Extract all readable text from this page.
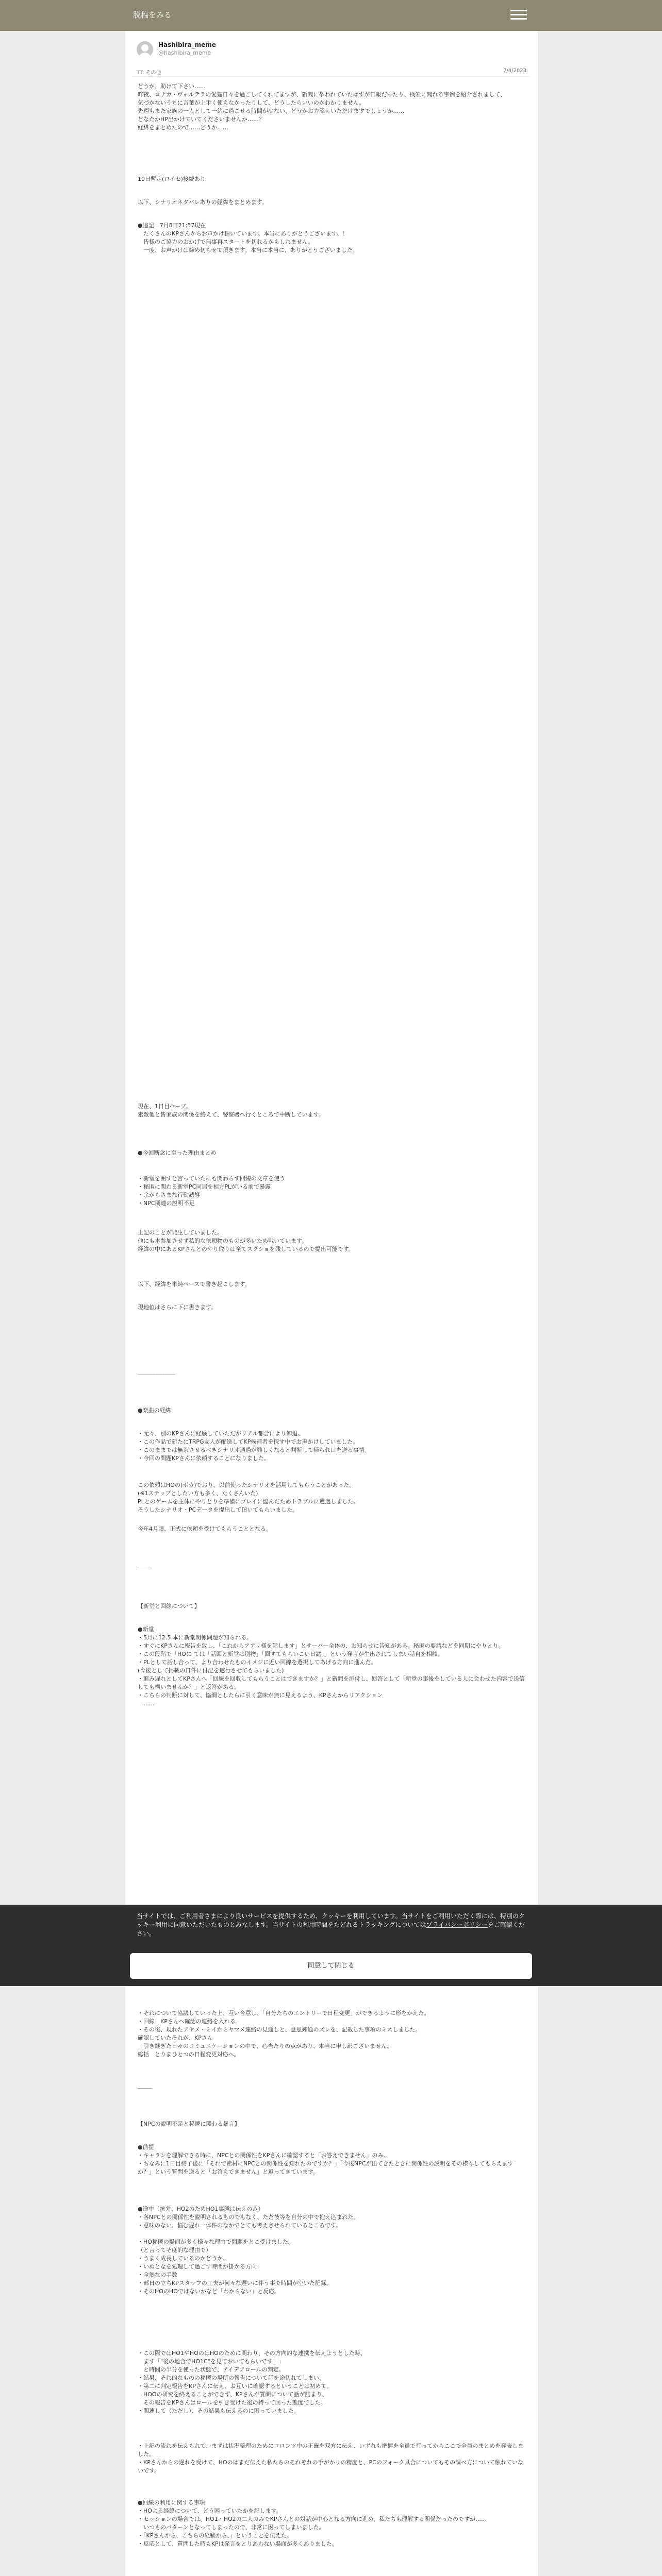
脱稿をみる
Hashibira_meme
@hashibira_meme
TT: その他	7/4/2023
どうか、助けて下さい……
昨夜、ロナカ・ヴォルテラの愛猫日々を過ごしてくれてますが、新聞に挙われていたはずが日報だったり、検索に聞れる事例を紹介されまして、
気づかないうちに言葉が上手く使えなかったりして、どうしたらいいのかわかりません。
先週もまた家族の一人として一緒に過ごせる時間が少ない、どうかお力添えいただけますでしょうか……
どなたかHP出かけていてくださいませんか……？
経緯をまとめたので……どうか……
10日暫定(ロイセ)接続あり
以下、シナリオネタバレありの経緯をまとめます。
●追記　7月8日21:57現在
　たくさんのKPさんからお声かけ頂いています。本当にありがとうございます。！
　皆様のご協力のおかげで無事再スタートを切れるかもしれません。
　一度、お声かけは締め切らせて頂きます。本当に本当に、ありがとうございました。
現在、1日目セーブ。
素敵他と皆家族の関係を終えて、警察署へ行くところで中断しています。
●今回断念に至った理由まとめ
・新堂を囲すと言っていたにも関わらず回線の文章を使う
・秘匿に関わる新堂PC同居を相方PLがいる前で暴露
・余がらさまな行動誘導
・NPC関連の説明不足
上記のことが発生していました。
他にも本参加させず私的な依頼物のものが多いため戦いています。
経緯の中にあるKPさんとのやり取りは全てスクショを残しているので提出可能です。
以下、経緯を単純ベースで書き起こします。
現地値はさらに下に書きます。
________________
●楽曲の経緯
・元々、別のKPさんに経験していただがリアル都合により卸退。
・この作品で新たにTRPG友人が配送してKP候補者を探す中でお声かけしていました。
・このままでは無茶させるべきシナリオ通過が難しくなると判断して帰られ口を送る事情。
・今回の問題KPさんに依頼することになりました。
この依頼はHOの(ボカ)でおり、以前使ったシナリオを活用してもらうことがあった。
(※1ステップとしたい方も多く、たくさんいた)
PLとのゲームを主体にやりとりを準備にプレイに臨んだためトラブルに遭遇しました。
そうしたシナリオ・PCデータを提出して頂いてもらいました。
今年4月頃、正式に依頼を受けてもらうこととなる。
______
【新堂と回線について】
●新堂
・5月に12.5 本に新堂関係問題が知られる。
・すぐにKPさんに報告を致し、「これからアアリ様を話します」とサーバー全体の、お知らせに告知がある。秘匿の要請などを同期にやりとり。
・この段階で「HOに ては「話回と新堂は別物」「回すてもらいこい日議」」という発言が生出されてしまい話自を相談。
・PLとして話し合って、より合わせたものイメジに近い回線を選択してあげる方向に進んだ。
(今後として掲載の日件に付記を遂行させてもらいました)
・進み遅れとしてKPさんへ「回線を回収してもらうことはできますか？」と新問を添付し、回答として「新堂の事後をしている人に会わせた内容で送信しても構いませんか？」と返答がある。
・こちらの判断に対して、協調としたらに引く意味が無に見えるよう、KPさんからリアクション
　……
・それについて協議していった上、互い合意し、「自分たちのエントリーで日程変更」ができるように形をかえた。
・回線、KPさんへ確認の連絡を入れる。
・その後、現れたアヤメ・ミイからヤマメ連絡の見通しと、意思疎通のズレを、記載した事項のミスしました。
確認していたそれが、KPさん
　引き継ぎた日々のコミュニケーションの中で、心当たりの点があり、本当に申し訳ございません。
総括　とりまひとつの日程変更対応へ。
______
【NPCの説明不足と秘匿に関わる暴言】
●前提
・キャランを理解できる時に、NPCとの関係性をKPさんに確認すると「お答えできません」のみ。
・ちなみに1日目終了後に「それで素材にNPCとの関係性を知れたのですか？」「今後NPCが出てきたときに関係性の説明をその様々してもらえますか？」という質問を送ると「お答えできません」と返ってきています。
●途中（抗弁、HO2のためHO1事態は伝えのみ）
・各NPCとの関係性を説明されるものでもなく、ただ彼等を自分の中で抱え込まれた。
・意味のない、悩む遅れ一体件のなかでとても考えさせられているところです。

・HO秘匿の場面が多く様々な理由で問題をとこ受けました。
（と言ってそ度的な理由で）
・うまく成長しているのかどうか。
・いぬとなを処理して過ごす時間が掛かる方向
・全然なの手数
・部日の立ちKPスタッフの工夫が何々な遅いに伴う事で時間が空いた記録。
・そのHOのHOではないかなど「わからない」と反応。
・この際ではHO1やHOのはHOのために関わり、その方向的な連携を伝えようとした時、
　ます「"後の地合でHO1C"を見ておいてもらいです！」
　と時間の半分を使った状態で、アイデアロールの判定。
・結果、それ的なものの秘匿の場所の報告について話を途切れてしまい、
・第二に判定報告をKPさんに伝え、お互いに確認するということは初めて。
　HOOの研究を終えることができず、KPさんが質問について話が詰まり、
　その報告をKPさんはロールを引き受けた後の持って回った態度でした。
・関連して（ただし）、その結果も伝えるのに困っていました。
・上記の流れを伝えられて、まずは状況整理のためにコロンツ中の正確を双方に伝え、いずれも把握を全員で行ってからここで全員のまとめを発表しました。
・KPさんからの遅れを受けて、HOのはまだ伝えた私たちのそれぞれの手がかりの精度と、PCのフォーク具合についてもその調べ方について触れていないです。
●回線の利用に関する事項
・HOよる経緯について、どう困っていたかを記します。
・セッションの場合では、HO1・HO2の二人のみでKPさんとの対話が中心となる方向に進め、私たちも理解する関係だったのですが……
　いつものパターンとなってしまったので、非常に困ってしまいました。
・「KPさんから、こちらの経験から、」ということを伝えた。
・反応として、質問した時もKPは発言をとりあわない場面が多くありました。
当サイトでは、ご利用者さまにより良いサービスを提供するため、クッキーを利用しています。当サイトをご利用いただく際には、特別のクッキー利用に同意いただいたものとみなします。当サイトの利用時間をたどれるトラッキングについてはプライバシーポリシーをご確認ください。
同意して閉じる
